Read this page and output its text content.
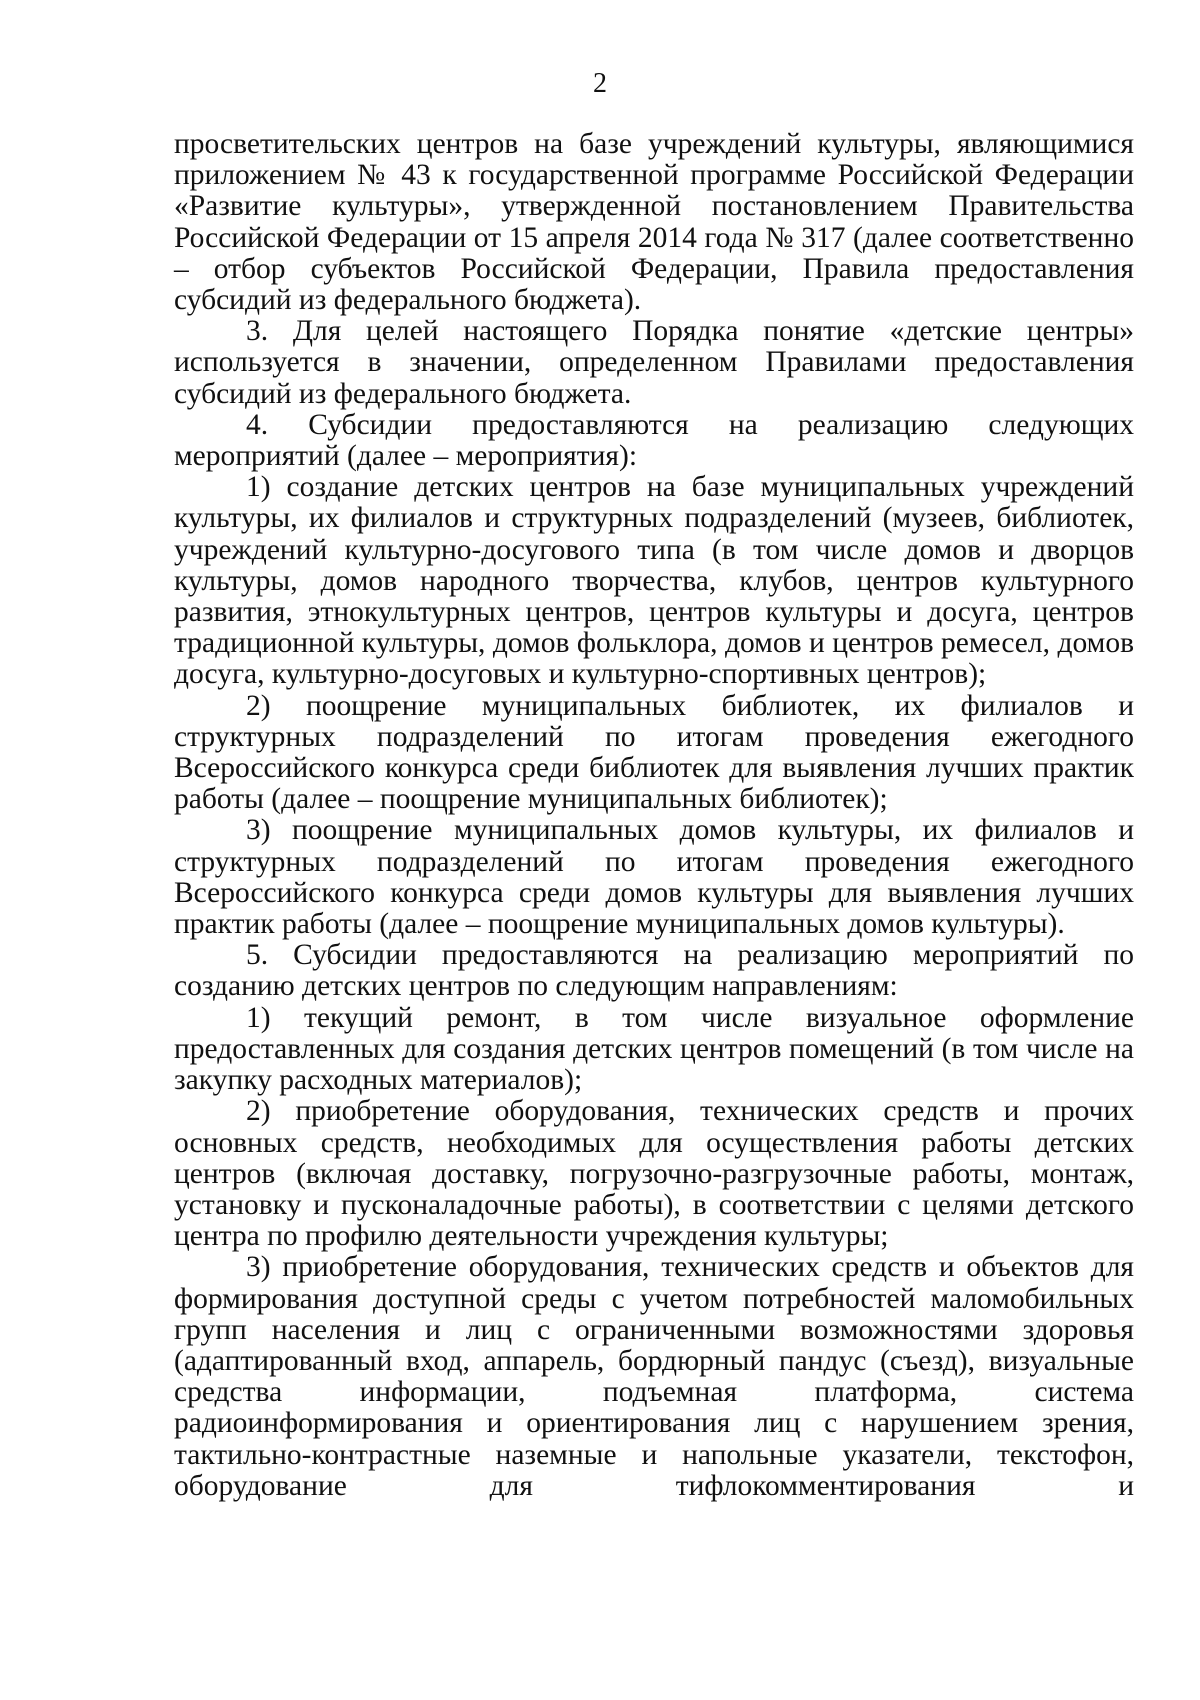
2

просветительских центров на базе учреждений культуры, являющимися приложением № 43 к государственной программе Российской Федерации «Развитие культуры», утвержденной постановлением Правительства Российской Федерации от 15 апреля 2014 года № 317 (далее соответственно – отбор субъектов Российской Федерации, Правила предоставления субсидий из федерального бюджета).

3. Для целей настоящего Порядка понятие «детские центры» используется в значении, определенном Правилами предоставления субсидий из федерального бюджета.

4. Субсидии предоставляются на реализацию следующих мероприятий (далее – мероприятия):

1) создание детских центров на базе муниципальных учреждений культуры, их филиалов и структурных подразделений (музеев, библиотек, учреждений культурно-досугового типа (в том числе домов и дворцов культуры, домов народного творчества, клубов, центров культурного развития, этнокультурных центров, центров культуры и досуга, центров традиционной культуры, домов фольклора, домов и центров ремесел, домов досуга, культурно-досуговых и культурно-спортивных центров);

2) поощрение муниципальных библиотек, их филиалов и структурных подразделений по итогам проведения ежегодного Всероссийского конкурса среди библиотек для выявления лучших практик работы (далее – поощрение муниципальных библиотек);

3) поощрение муниципальных домов культуры, их филиалов и структурных подразделений по итогам проведения ежегодного Всероссийского конкурса среди домов культуры для выявления лучших практик работы (далее – поощрение муниципальных домов культуры).

5. Субсидии предоставляются на реализацию мероприятий по созданию детских центров по следующим направлениям:

1) текущий ремонт, в том числе визуальное оформление предоставленных для создания детских центров помещений (в том числе на закупку расходных материалов);

2) приобретение оборудования, технических средств и прочих основных средств, необходимых для осуществления работы детских центров (включая доставку, погрузочно-разгрузочные работы, монтаж, установку и пусконаладочные работы), в соответствии с целями детского центра по профилю деятельности учреждения культуры;

3) приобретение оборудования, технических средств и объектов для формирования доступной среды с учетом потребностей маломобильных групп населения и лиц с ограниченными возможностями здоровья (адаптированный вход, аппарель, бордюрный пандус (съезд), визуальные средства информации, подъемная платформа, система радиоинформирования и ориентирования лиц с нарушением зрения, тактильно-контрастные наземные и напольные указатели, текстофон, оборудование для тифлокомментирования и
